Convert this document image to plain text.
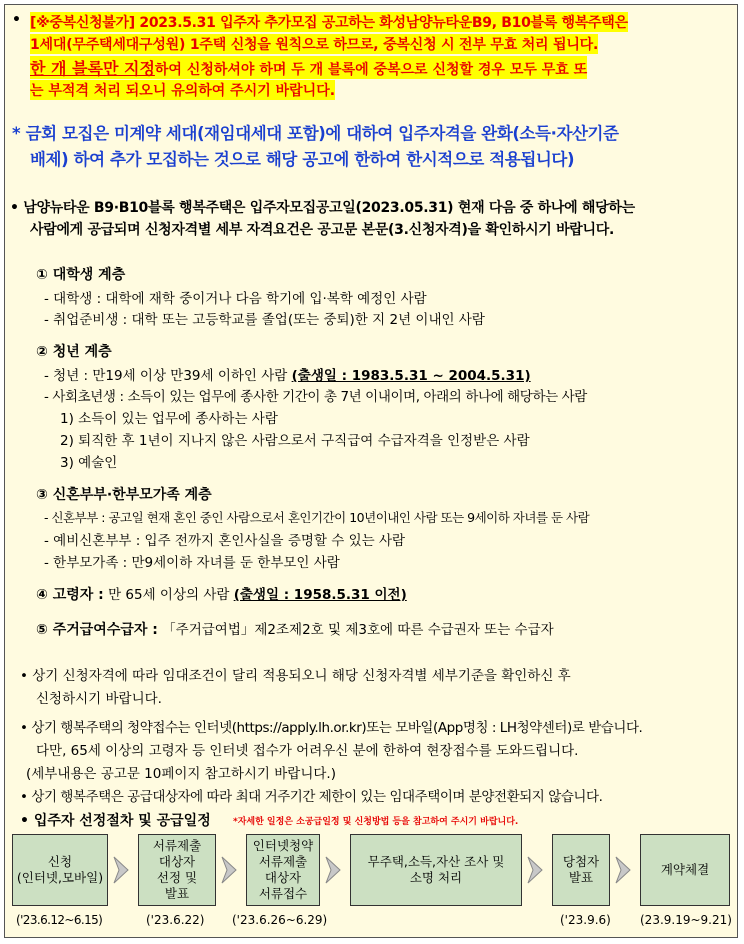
• [※중복신청불가] 2023.5.31 입주자 추가모집 공고하는 화성남양뉴타운B9, B10블록 행복주택은
1세대(무주택세대구성원) 1주택 신청을 원칙으로 하므로, 중복신청 시 전부 무효 처리 됩니다.
한 개 블록만 지정하여 신청하셔야 하며 두 개 블록에 중복으로 신청할 경우 모두 무효 또
는 부적격 처리 되오니 유의하여 주시기 바랍니다.
* 금회 모집은 미계약 세대(재임대세대 포함)에 대하여 입주자격을 완화(소득·자산기준
배제) 하여 추가 모집하는 것으로 해당 공고에 한하여 한시적으로 적용됩니다)
• 남양뉴타운 B9·B10블록 행복주택은 입주자모집공고일(2023.05.31) 현재 다음 중 하나에 해당하는
사람에게 공급되며 신청자격별 세부 자격요건은 공고문 본문(3.신청자격)을 확인하시기 바랍니다.
① 대학생 계층
- 대학생 : 대학에 재학 중이거나 다음 학기에 입·복학 예정인 사람
- 취업준비생 : 대학 또는 고등학교를 졸업(또는 중퇴)한 지 2년 이내인 사람
② 청년 계층
- 청년 : 만19세 이상 만39세 이하인 사람 (출생일 : 1983.5.31 ~ 2004.5.31)
- 사회초년생 : 소득이 있는 업무에 종사한 기간이 총 7년 이내이며, 아래의 하나에 해당하는 사람
1) 소득이 있는 업무에 종사하는 사람
2) 퇴직한 후 1년이 지나지 않은 사람으로서 구직급여 수급자격을 인정받은 사람
3) 예술인
③ 신혼부부·한부모가족 계층
- 신혼부부 : 공고일 현재 혼인 중인 사람으로서 혼인기간이 10년이내인 사람 또는 9세이하 자녀를 둔 사람
- 예비신혼부부 : 입주 전까지 혼인사실을 증명할 수 있는 사람
- 한부모가족 : 만9세이하 자녀를 둔 한부모인 사람
④ 고령자 : 만 65세 이상의 사람 (출생일 : 1958.5.31 이전)
⑤ 주거급여수급자 : 「주거급여법」제2조제2호 및 제3호에 따른 수급권자 또는 수급자
• 상기 신청자격에 따라 임대조건이 달리 적용되오니 해당 신청자격별 세부기준을 확인하신 후
신청하시기 바랍니다.
• 상기 행복주택의 청약접수는 인터넷(https://apply.lh.or.kr)또는 모바일(App명칭 : LH청약센터)로 받습니다.
다만, 65세 이상의 고령자 등 인터넷 접수가 어려우신 분에 한하여 현장접수를 도와드립니다.
(세부내용은 공고문 10페이지 참고하시기 바랍니다.)
• 상기 행복주택은 공급대상자에 따라 최대 거주기간 제한이 있는 임대주택이며 분양전환되지 않습니다.
• 입주자 선정절차 및 공급일정 *자세한 일정은 소공급일정 및 신청방법 등을 참고하여 주시기 바랍니다.
신청
(인터넷,모바일)
서류제출
대상자
선정 및
발표
인터넷청약
서류제출
대상자
서류접수
무주택,소득,자산 조사 및
소명 처리
당첨자
발표
계약체결
('23.6.12~6.15)	('23.6.22) ('23.6.26~6.29)	('23.9.6) (23.9.19~9.21)
